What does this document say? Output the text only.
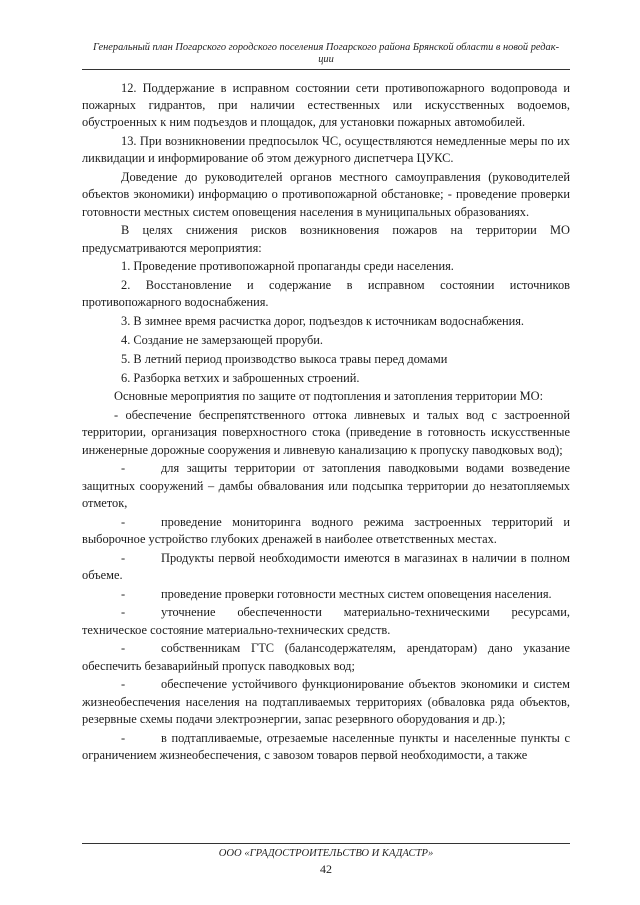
Генеральный план Погарского городского поселения Погарского района Брянской области в новой редак-
ции

12. Поддержание в исправном состоянии сети противопожарного водопровода и пожарных гидрантов, при наличии естественных или искусственных водоемов, обустроенных к ним подъездов и площадок, для установки пожарных автомобилей.

13. При возникновении предпосылок ЧС, осуществляются немедленные меры по их ликвидации и информирование об этом дежурного диспетчера ЦУКС.

Доведение до руководителей органов местного самоуправления (руководителей объектов экономики) информацию о противопожарной обстановке; - проведение проверки готовности местных систем оповещения населения в муниципальных образованиях.

В целях снижения рисков возникновения пожаров на территории МО предусматриваются мероприятия:

1. Проведение противопожарной пропаганды среди населения.

2. Восстановление и содержание в исправном состоянии источников противопожарного водоснабжения.

3. В зимнее время расчистка дорог, подъездов к источникам водоснабжения.

4. Создание не замерзающей проруби.

5. В летний период производство выкоса травы перед домами

6. Разборка ветхих и заброшенных строений.

Основные мероприятия по защите от подтопления и затопления территории МО:

- обеспечение беспрепятственного оттока ливневых и талых вод с застроенной территории, организация поверхностного стока (приведение в готовность искусственные инженерные дорожные сооружения и ливневую канализацию к пропуску паводковых вод);

-	для защиты территории от затопления паводковыми водами возведение защитных сооружений – дамбы обвалования или подсыпка территории до незатопляемых отметок,

-	проведение мониторинга водного режима застроенных территорий и выборочное устройство глубоких дренажей в наиболее ответственных местах.

-	Продукты первой необходимости имеются в магазинах в наличии в полном объеме.

-	проведение проверки готовности местных систем оповещения населения.

-	уточнение обеспеченности материально-техническими ресурсами, техническое состояние материально-технических средств.

-	собственникам ГТС (балансодержателям, арендаторам) дано указание обеспечить безаварийный пропуск паводковых вод;

-	обеспечение устойчивого функционирование объектов экономики и систем жизнеобеспечения населения на подтапливаемых территориях (обваловка ряда объектов, резервные схемы подачи электроэнергии, запас резервного оборудования и др.);

-	в подтапливаемые, отрезаемые населенные пункты и населенные пункты с ограничением жизнеобеспечения, с завозом товаров первой необходимости, а также

ООО «ГРАДОСТРОИТЕЛЬСТВО И КАДАСТР»
42
